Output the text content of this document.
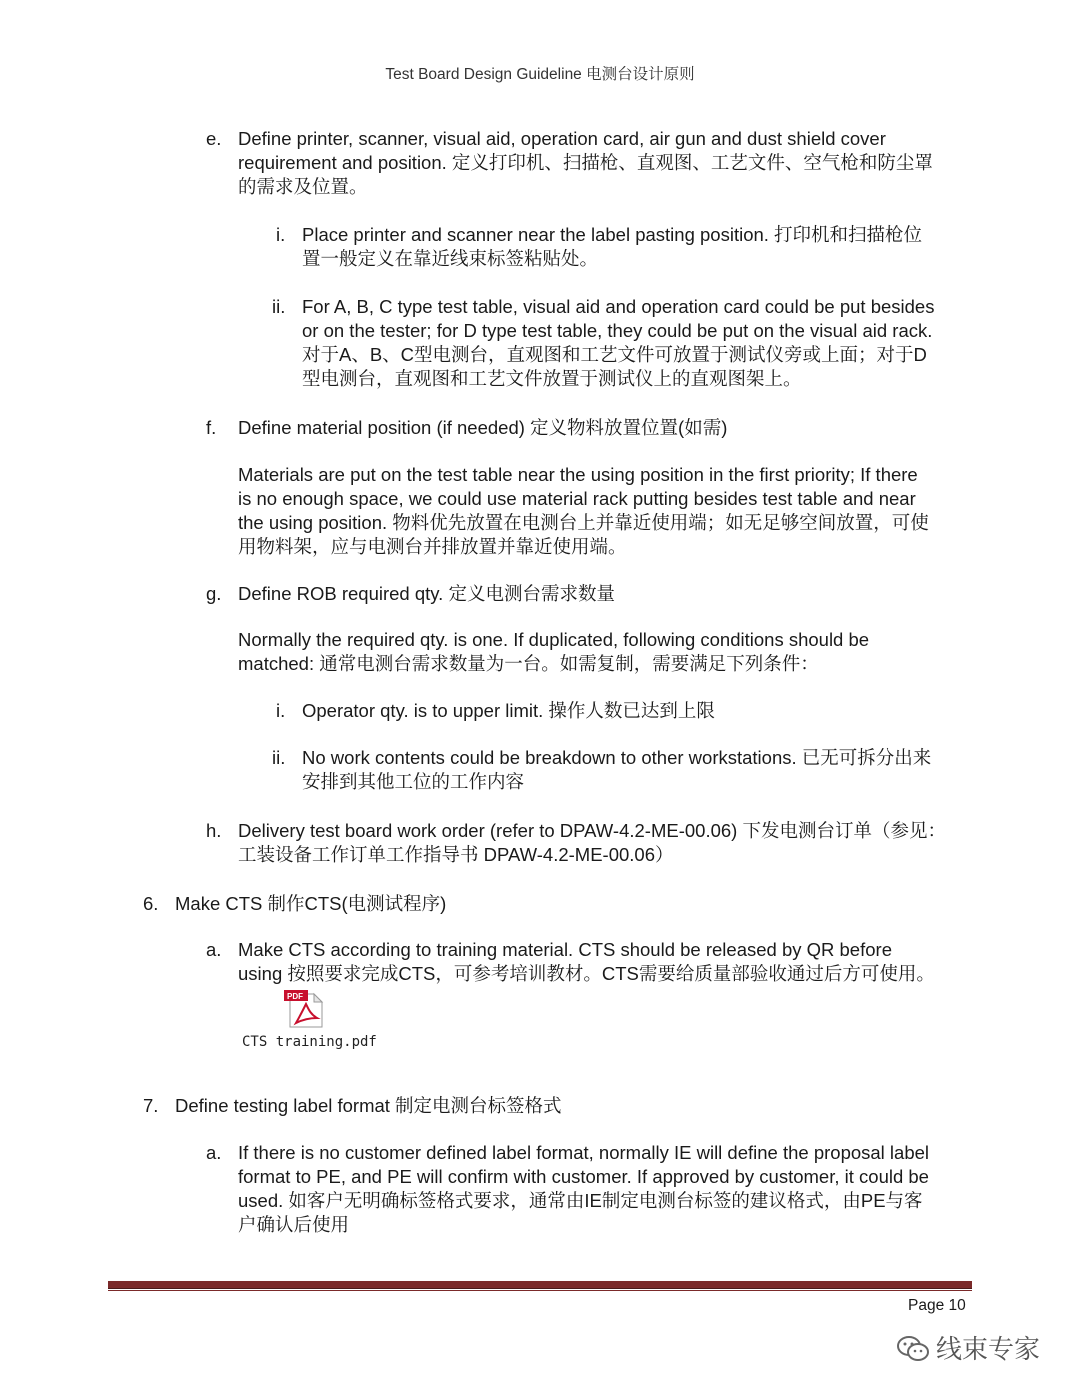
Test Board Design Guideline 电测台设计原则
e. Define printer, scanner, visual aid, operation card, air gun and dust shield cover
requirement and position. 定义打印机、扫描枪、直观图、工艺文件、空气枪和防尘罩
的需求及位置。
i. Place printer and scanner near the label pasting position. 打印机和扫描枪位
置一般定义在靠近线束标签粘贴处。
ii. For A, B, C type test table, visual aid and operation card could be put besides
or on the tester; for D type test table, they could be put on the visual aid rack.
对于A、B、C型电测台，直观图和工艺文件可放置于测试仪旁或上面；对于D
型电测台，直观图和工艺文件放置于测试仪上的直观图架上。
f. Define material position (if needed) 定义物料放置位置(如需)
Materials are put on the test table near the using position in the first priority; If there
is no enough space, we could use material rack putting besides test table and near
the using position. 物料优先放置在电测台上并靠近使用端；如无足够空间放置，可使
用物料架，应与电测台并排放置并靠近使用端。
g. Define ROB required qty. 定义电测台需求数量
Normally the required qty. is one. If duplicated, following conditions should be
matched: 通常电测台需求数量为一台。如需复制，需要满足下列条件：
i. Operator qty. is to upper limit. 操作人数已达到上限
ii. No work contents could be breakdown to other workstations. 已无可拆分出来
安排到其他工位的工作内容
h. Delivery test board work order (refer to DPAW-4.2-ME-00.06) 下发电测台订单（参见：
工装设备工作订单工作指导书 DPAW-4.2-ME-00.06）
6. Make CTS 制作CTS(电测试程序)
a. Make CTS according to training material. CTS should be released by QR before
using 按照要求完成CTS，可参考培训教材。CTS需要给质量部验收通过后方可使用。
PDF
CTS training.pdf
7. Define testing label format 制定电测台标签格式
a. If there is no customer defined label format, normally IE will define the proposal label
format to PE, and PE will confirm with customer. If approved by customer, it could be
used. 如客户无明确标签格式要求，通常由IE制定电测台标签的建议格式，由PE与客
户确认后使用
Page 10
线束专家
